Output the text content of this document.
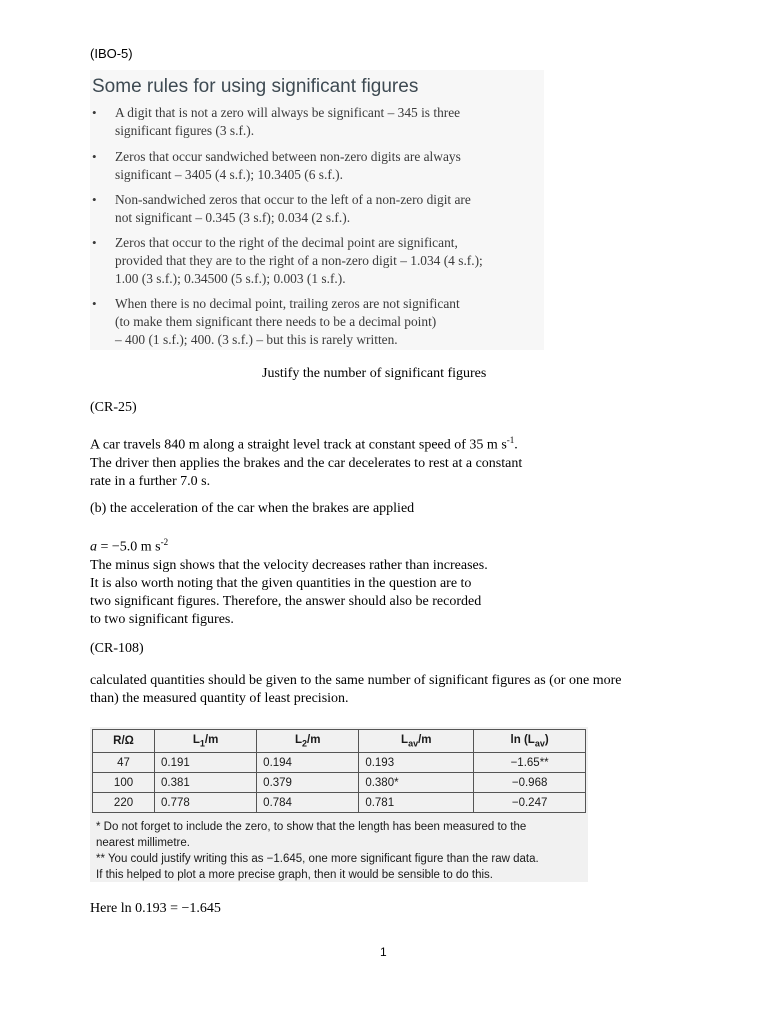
(IBO-5)
Some rules for using significant figures
• A digit that is not a zero will always be significant – 345 is three
significant figures (3 s.f.).
• Zeros that occur sandwiched between non-zero digits are always
significant – 3405 (4 s.f.); 10.3405 (6 s.f.).
• Non-sandwiched zeros that occur to the left of a non-zero digit are
not significant – 0.345 (3 s.f); 0.034 (2 s.f.).
• Zeros that occur to the right of the decimal point are significant,
provided that they are to the right of a non-zero digit – 1.034 (4 s.f.);
1.00 (3 s.f.); 0.34500 (5 s.f.); 0.003 (1 s.f.).
• When there is no decimal point, trailing zeros are not significant
(to make them significant there needs to be a decimal point)
– 400 (1 s.f.); 400. (3 s.f.) – but this is rarely written.
Justify the number of significant figures
(CR-25)
A car travels 840 m along a straight level track at constant speed of 35 m $s^{-1}$.
The driver then applies the brakes and the car decelerates to rest at a constant
rate in a further 7.0 s.
(b) the acceleration of the car when the brakes are applied
a = −5.0 m $s^{-2}$
The minus sign shows that the velocity decreases rather than increases.
It is also worth noting that the given quantities in the question are to
two significant figures. Therefore, the answer should also be recorded
to two significant figures.
(CR-108)
calculated quantities should be given to the same number of significant figures as (or one more
than) the measured quantity of least precision.
R/Ω	$L_1/m$	$L_2/m$	$L_{av}/m$	$\ln (L_{av})$
47	0.191	0.194	0.193	−1.65**
100	0.381	0.379	0.380*	−0.968
220	0.778	0.784	0.781	−0.247
* Do not forget to include the zero, to show that the length has been measured to the
nearest millimetre.
** You could justify writing this as −1.645, one more significant figure than the raw data.
If this helped to plot a more precise graph, then it would be sensible to do this.
Here ln 0.193 = −1.645
1
